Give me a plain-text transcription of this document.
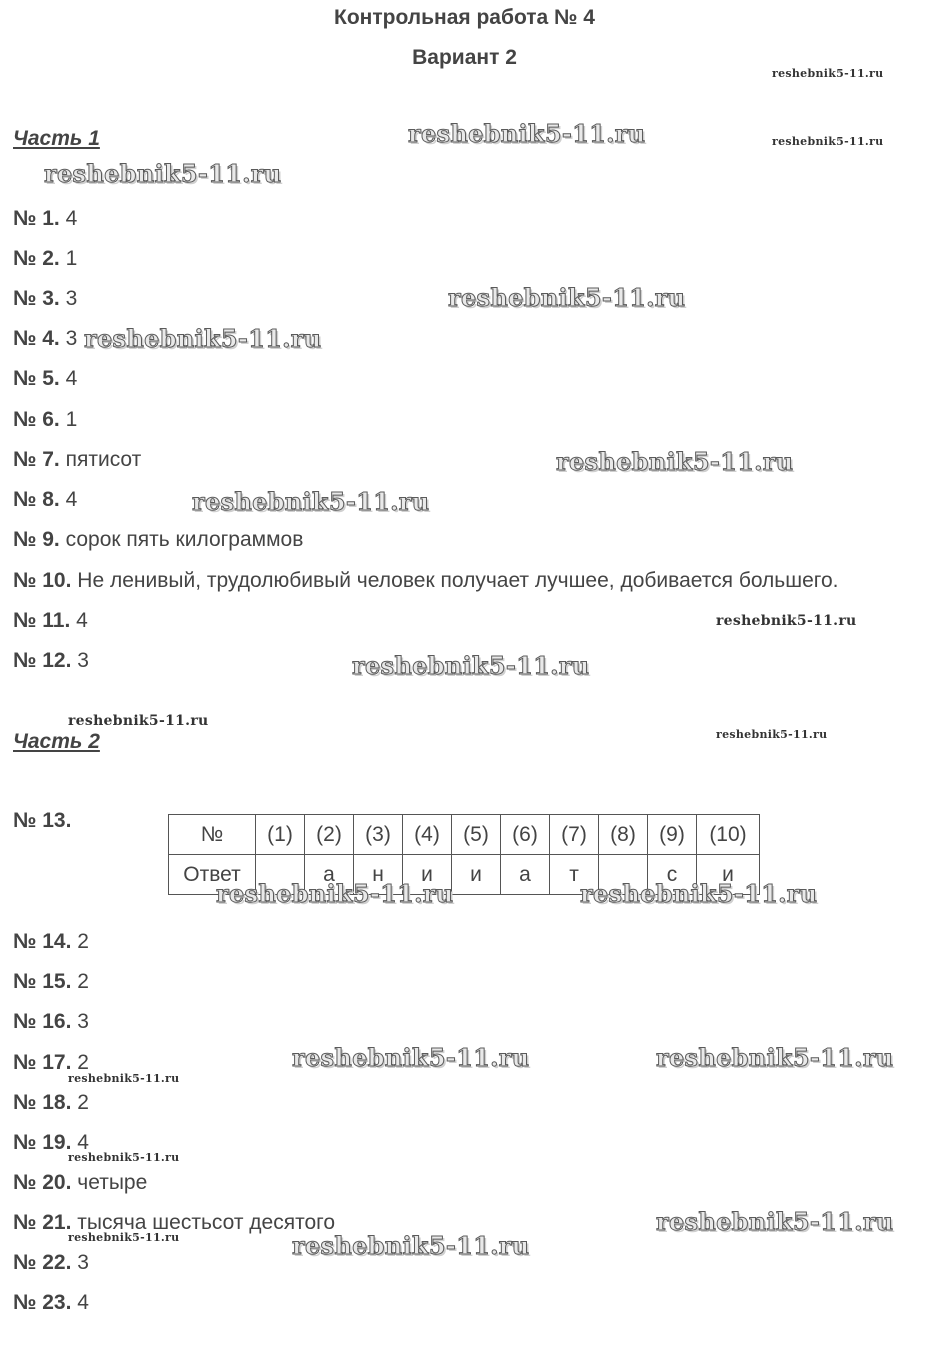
Контрольная работа № 4
Вариант 2
Часть 1
№ 1. 4
№ 2. 1
№ 3. 3
№ 4. 3
№ 5. 4
№ 6. 1
№ 7. пятисот
№ 8. 4
№ 9. сорок пять килограммов
№ 10. Не ленивый, трудолюбивый человек получает лучшее, добивается большего.
№ 11. 4
№ 12. 3
Часть 2
№ 13.
№	(1)	(2)	(3)	(4)	(5)	(6)	(7)	(8)	(9)	(10)
Ответ		а	н	и	и	а	т		с	и
№ 14. 2
№ 15. 2
№ 16. 3
№ 17. 2
№ 18. 2
№ 19. 4
№ 20. четыре
№ 21. тысяча шестьсот десятого
№ 22. 3
№ 23. 4
reshebnik5-11.ru
reshebnik5-11.ru	reshebnik5-11.ru
reshebnik5-11.ru
reshebnik5-11.ru
reshebnik5-11.ru
reshebnik5-11.ru
reshebnik5-11.ru
reshebnik5-11.ru
reshebnik5-11.ru
reshebnik5-11.ru
reshebnik5-11.ru
reshebnik5-11.ru	reshebnik5-11.ru
reshebnik5-11.ru	reshebnik5-11.ru
reshebnik5-11.ru
reshebnik5-11.ru
reshebnik5-11.ru
reshebnik5-11.ru	reshebnik5-11.ru
